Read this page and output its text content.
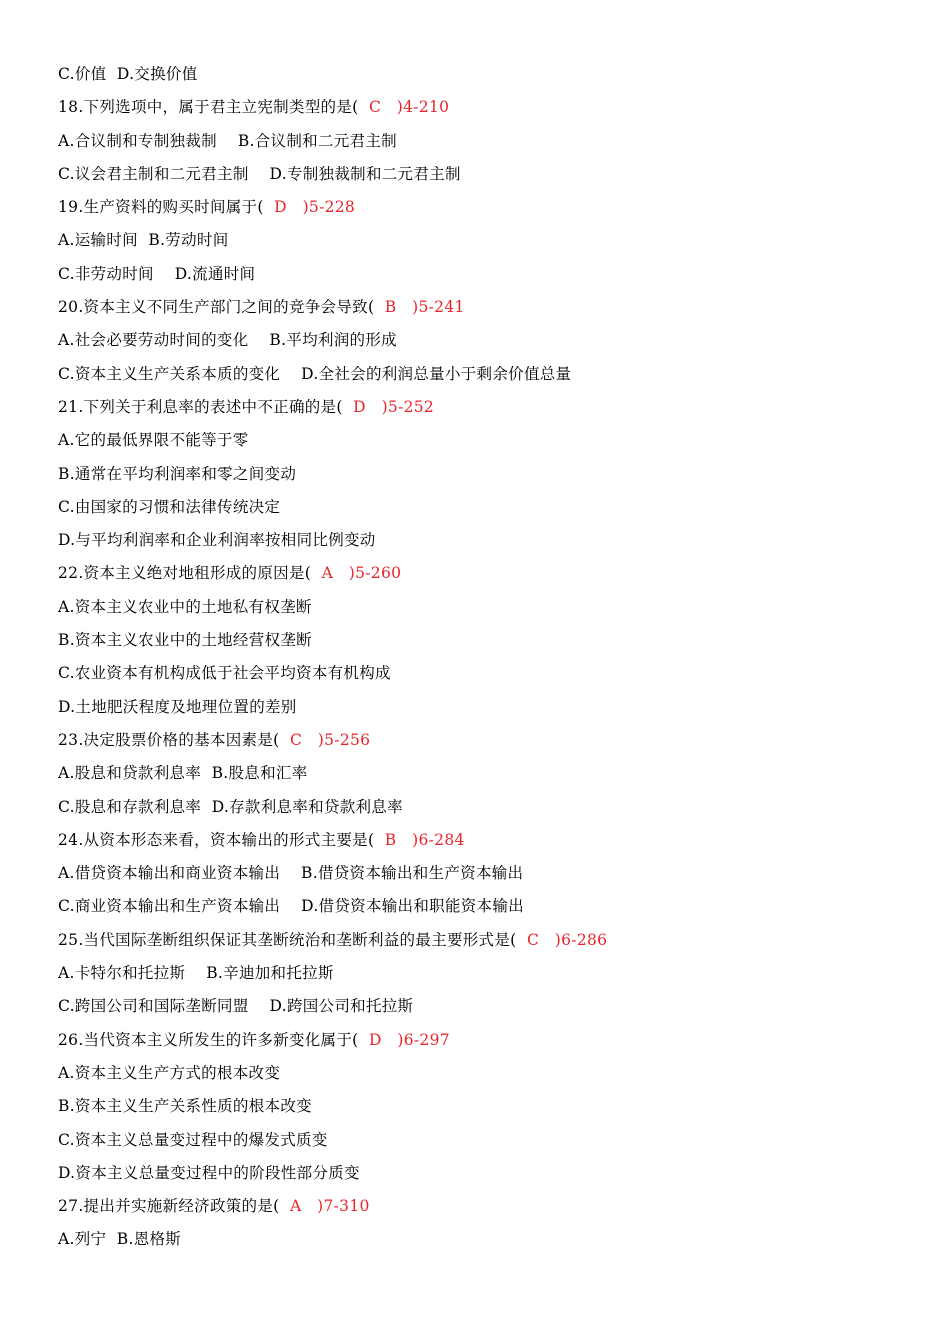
C.价值  D.交换价值
18.下列选项中，属于君主立宪制类型的是(  C   )4-210
A.合议制和专制独裁制    B.合议制和二元君主制
C.议会君主制和二元君主制    D.专制独裁制和二元君主制
19.生产资料的购买时间属于(  D   )5-228
A.运输时间  B.劳动时间
C.非劳动时间    D.流通时间
20.资本主义不同生产部门之间的竞争会导致(  B   )5-241
A.社会必要劳动时间的变化    B.平均利润的形成
C.资本主义生产关系本质的变化    D.全社会的利润总量小于剩余价值总量
21.下列关于利息率的表述中不正确的是(  D   )5-252
A.它的最低界限不能等于零
B.通常在平均利润率和零之间变动
C.由国家的习惯和法律传统决定
D.与平均利润率和企业利润率按相同比例变动
22.资本主义绝对地租形成的原因是(  A   )5-260
A.资本主义农业中的土地私有权垄断
B.资本主义农业中的土地经营权垄断
C.农业资本有机构成低于社会平均资本有机构成
D.土地肥沃程度及地理位置的差别
23.决定股票价格的基本因素是(  C   )5-256
A.股息和贷款利息率  B.股息和汇率
C.股息和存款利息率  D.存款利息率和贷款利息率
24.从资本形态来看，资本输出的形式主要是(  B   )6-284
A.借贷资本输出和商业资本输出    B.借贷资本输出和生产资本输出
C.商业资本输出和生产资本输出    D.借贷资本输出和职能资本输出
25.当代国际垄断组织保证其垄断统治和垄断利益的最主要形式是(  C   )6-286
A.卡特尔和托拉斯    B.辛迪加和托拉斯
C.跨国公司和国际垄断同盟    D.跨国公司和托拉斯
26.当代资本主义所发生的许多新变化属于(  D   )6-297
A.资本主义生产方式的根本改变
B.资本主义生产关系性质的根本改变
C.资本主义总量变过程中的爆发式质变
D.资本主义总量变过程中的阶段性部分质变
27.提出并实施新经济政策的是(  A   )7-310
A.列宁  B.恩格斯
